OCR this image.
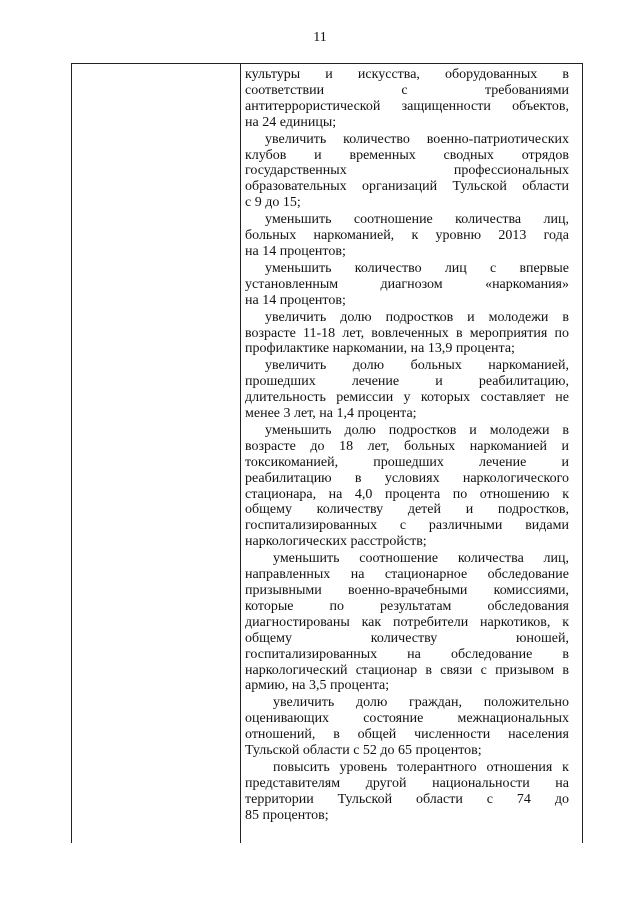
11
культуры и искусства, оборудованных в
соответствии с требованиями
антитеррористической защищенности объектов,
на 24 единицы;
увеличить количество военно-патриотических
клубов и временных сводных отрядов
государственных профессиональных
образовательных организаций Тульской области
с 9 до 15;
уменьшить соотношение количества лиц,
больных наркоманией, к уровню 2013 года
на 14 процентов;
уменьшить количество лиц с впервые
установленным диагнозом «наркомания»
на 14 процентов;
увеличить долю подростков и молодежи в
возрасте 11-18 лет, вовлеченных в мероприятия по
профилактике наркомании, на 13,9 процента;
увеличить долю больных наркоманией,
прошедших лечение и реабилитацию,
длительность ремиссии у которых составляет не
менее 3 лет, на 1,4 процента;
уменьшить долю подростков и молодежи в
возрасте до 18 лет, больных наркоманией и
токсикоманией, прошедших лечение и
реабилитацию в условиях наркологического
стационара, на 4,0 процента по отношению к
общему количеству детей и подростков,
госпитализированных с различными видами
наркологических расстройств;
уменьшить соотношение количества лиц,
направленных на стационарное обследование
призывными военно-врачебными комиссиями,
которые по результатам обследования
диагностированы как потребители наркотиков, к
общему количеству юношей,
госпитализированных на обследование в
наркологический стационар в связи с призывом в
армию, на 3,5 процента;
увеличить долю граждан, положительно
оценивающих состояние межнациональных
отношений, в общей численности населения
Тульской области с 52 до 65 процентов;
повысить уровень толерантного отношения к
представителям другой национальности на
территории Тульской области с 74 до
85 процентов;
